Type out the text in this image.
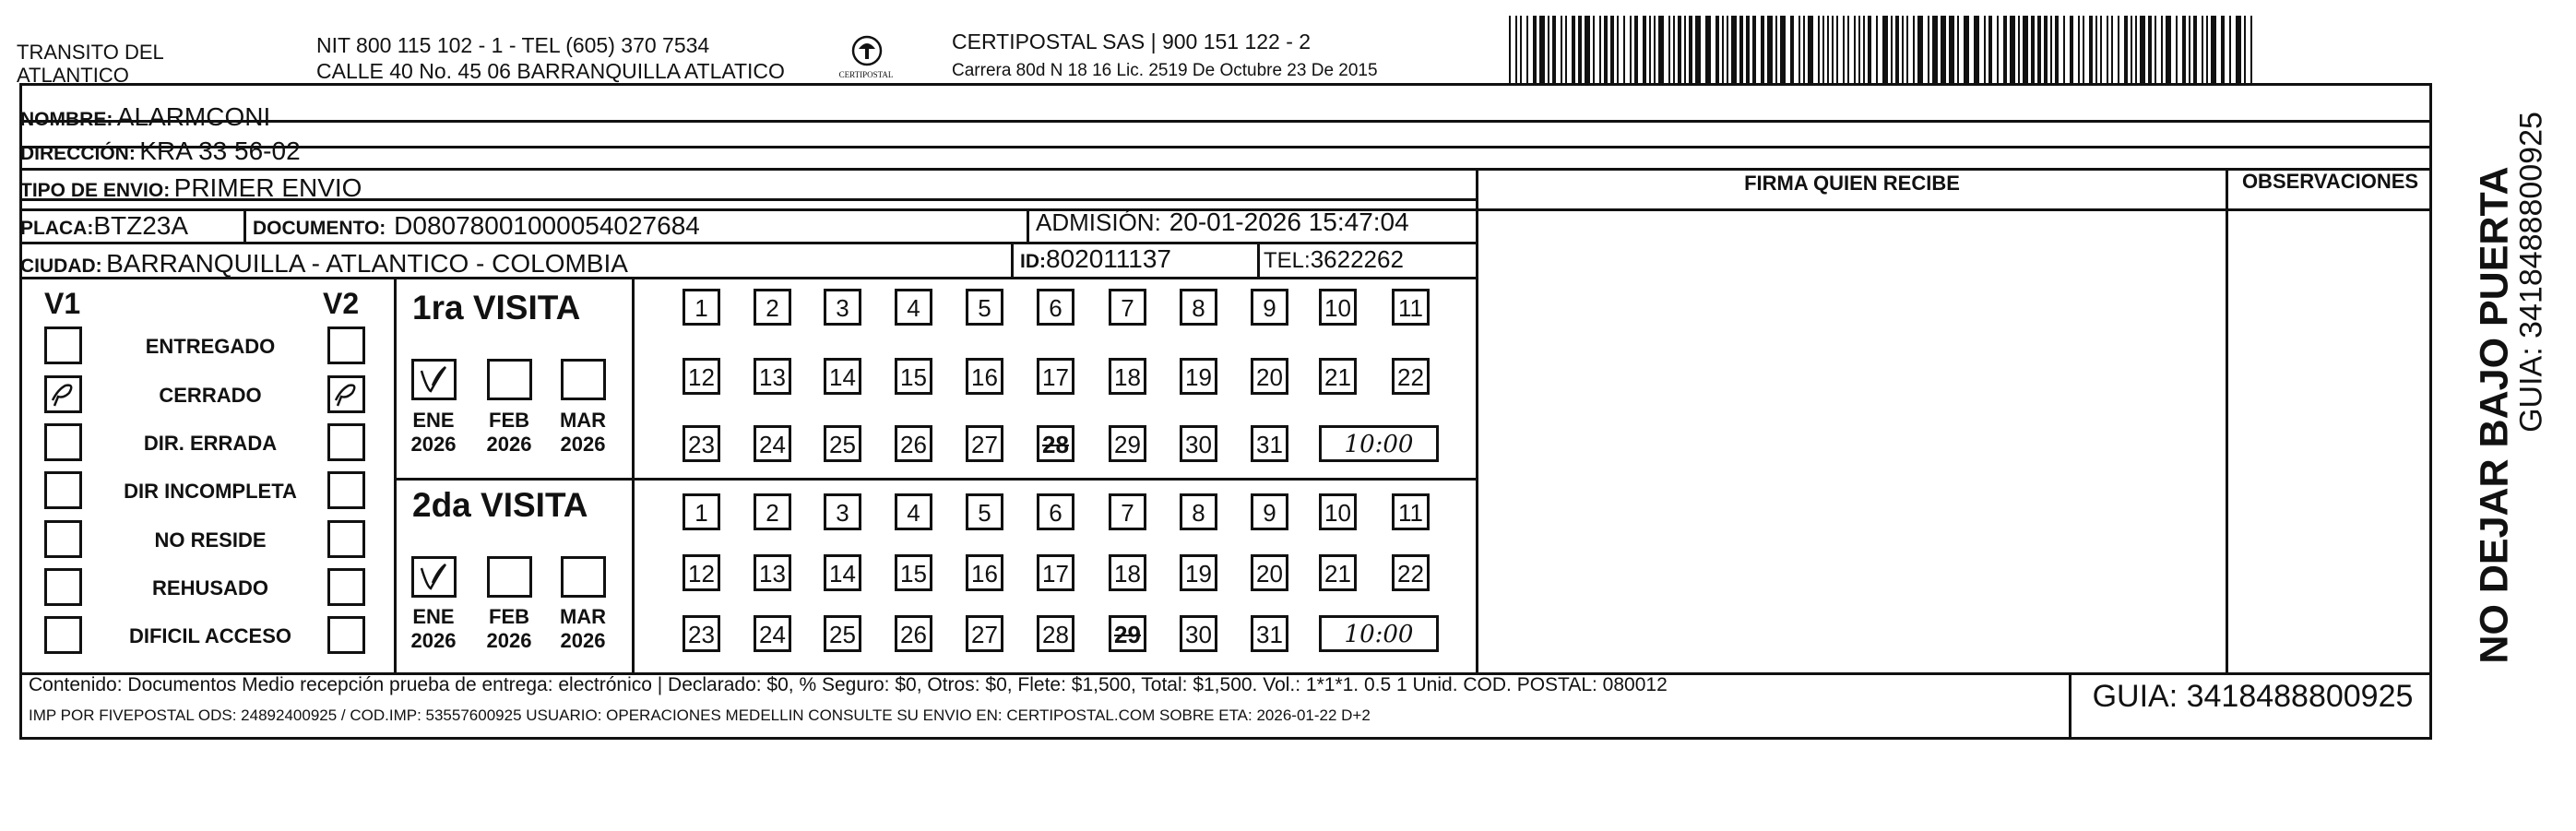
TRANSITO DEL
ATLANTICO
NIT 800 115 102 - 1 - TEL (605) 370 7534
CALLE 40 No. 45 06 BARRANQUILLA ATLATICO	CERTIPOSTAL
CERTIPOSTAL SAS | 900 151 122 - 2
Carrera 80d N 18 16 Lic. 2519 De Octubre 23 De 2015
NOMBRE: ALARMCONI
DIRECCIÓN: KRA 33 56-02
TIPO DE ENVIO: PRIMER ENVIO
PLACA:BTZ23A	DOCUMENTO: D08078001000054027684	ADMISIÓN: 20-01-2026 15:47:04
CIUDAD: BARRANQUILLA - ATLANTICO - COLOMBIA	ID:802011137	TEL:3622262
FIRMA QUIEN RECIBE	OBSERVACIONES
V1	V2
ENTREGADO
CERRADO
DIR. ERRADA
DIR INCOMPLETA
NO RESIDE
REHUSADO
DIFICIL ACCESO
1ra VISITA
2da VISITA
ENE
2026
FEB
2026
MAR
2026
1	2	3	4	5	6	7	8	9	10 11
12 13 14 15 16 17 18 19 20 21 22
23 24 25 26 27 28 29 30 31	10:00
ENE
2026
FEB
2026
MAR
2026
1	2	3	4	5	6	7	8	9	10 11
12 13 14 15 16 17 18 19 20 21 22
23 24 25 26 27 28 29 30 31	10:00
Contenido: Documentos Medio recepción prueba de entrega: electrónico | Declarado: $0, % Seguro: $0, Otros: $0, Flete: $1,500, Total: $1,500. Vol.: 1*1*1. 0.5 1 Unid. COD. POSTAL: 080012
IMP POR FIVEPOSTAL ODS: 24892400925 / COD.IMP: 53557600925 USUARIO: OPERACIONES MEDELLIN CONSULTE SU ENVIO EN: CERTIPOSTAL.COM SOBRE ETA: 2026-01-22 D+2
GUIA: 3418488800925
NO DEJAR BAJO PUERTA
GUIA: 3418488800925
